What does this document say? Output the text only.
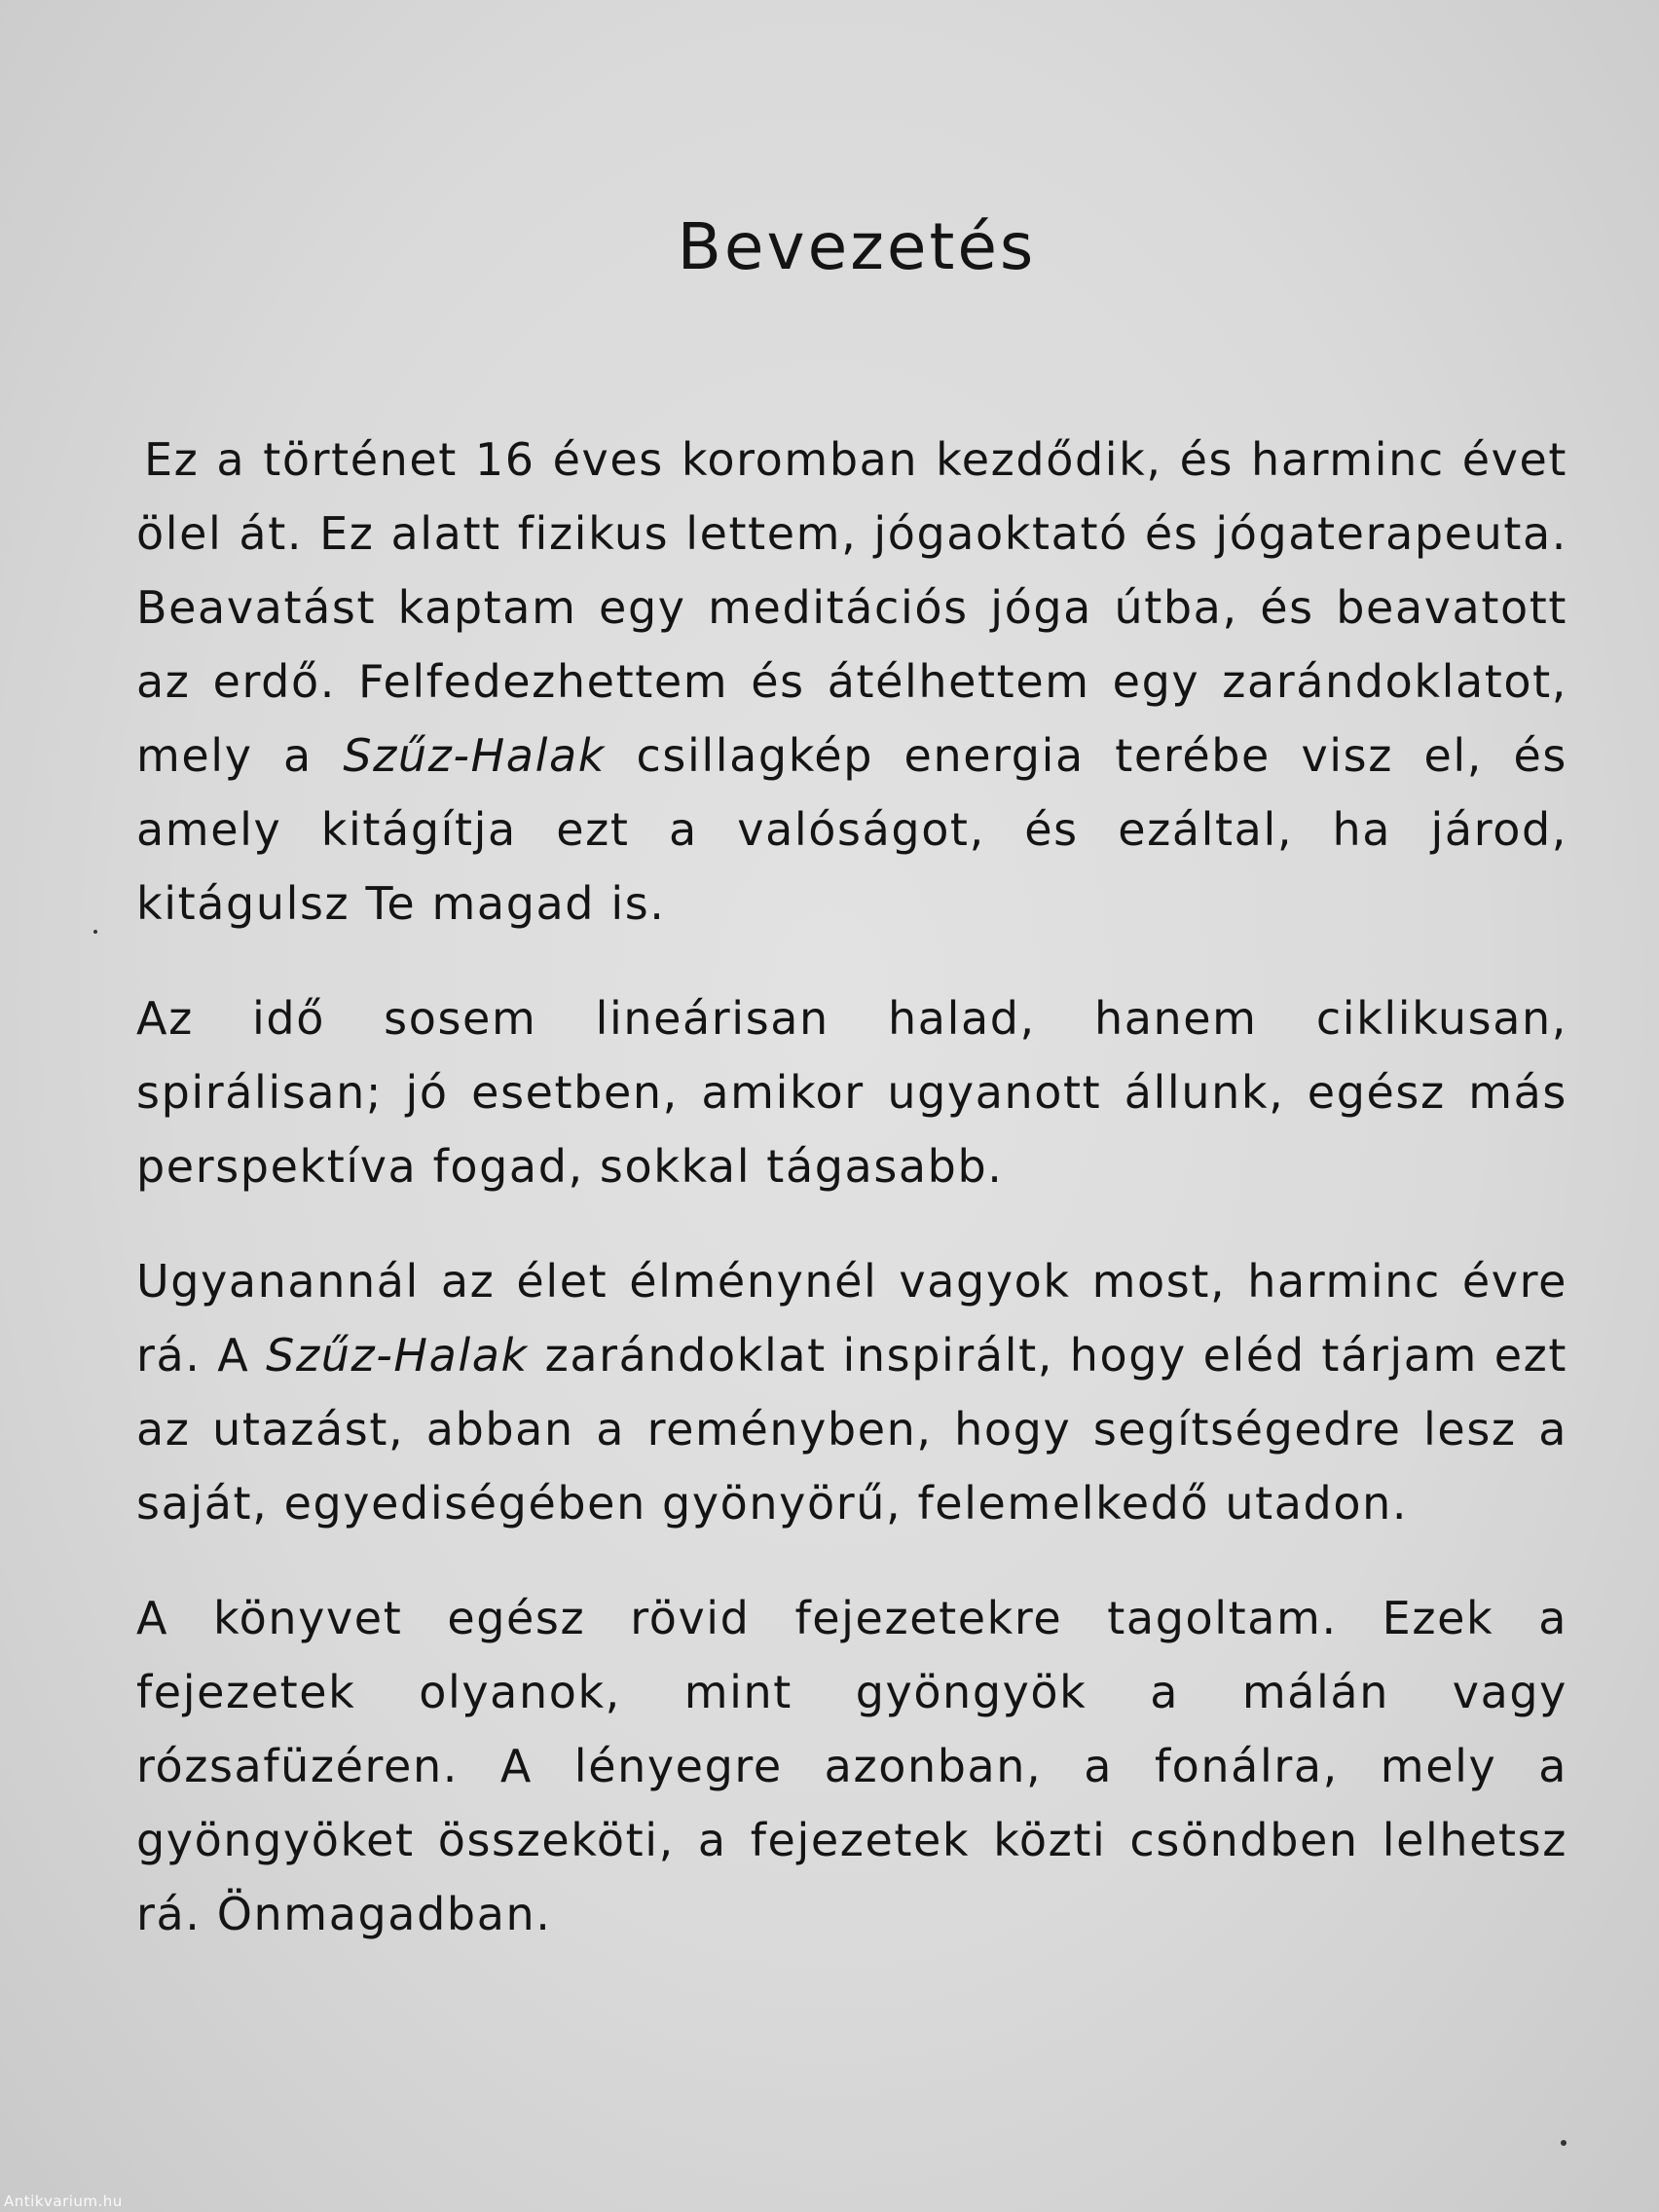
Bevezetés

Ez a történet 16 éves koromban kezdődik, és harminc évet ölel át. Ez alatt fizikus lettem, jógaoktató és jógaterapeuta. Beavatást kaptam egy meditációs jóga útba, és beavatott az erdő. Felfedezhettem és átélhettem egy zarándoklatot, mely a Szűz-Halak csillagkép energia terébe visz el, és amely kitágítja ezt a valóságot, és ezáltal, ha járod, kitágulsz Te magad is.

Az idő sosem lineárisan halad, hanem ciklikusan, spirálisan; jó esetben, amikor ugyanott állunk, egész más perspektíva fogad, sokkal tágasabb.

Ugyanannál az élet élménynél vagyok most, harminc évre rá. A Szűz-Halak zarándoklat inspirált, hogy eléd tárjam ezt az utazást, abban a reményben, hogy segítségedre lesz a saját, egyediségében gyönyörű, felemelkedő utadon.

A könyvet egész rövid fejezetekre tagoltam. Ezek a fejezetek olyanok, mint gyöngyök a málán vagy rózsafüzéren. A lényegre azonban, a fonálra, mely a gyöngyöket összeköti, a fejezetek közti csöndben lelhetsz rá. Önmagadban.

Antikvarium.hu
